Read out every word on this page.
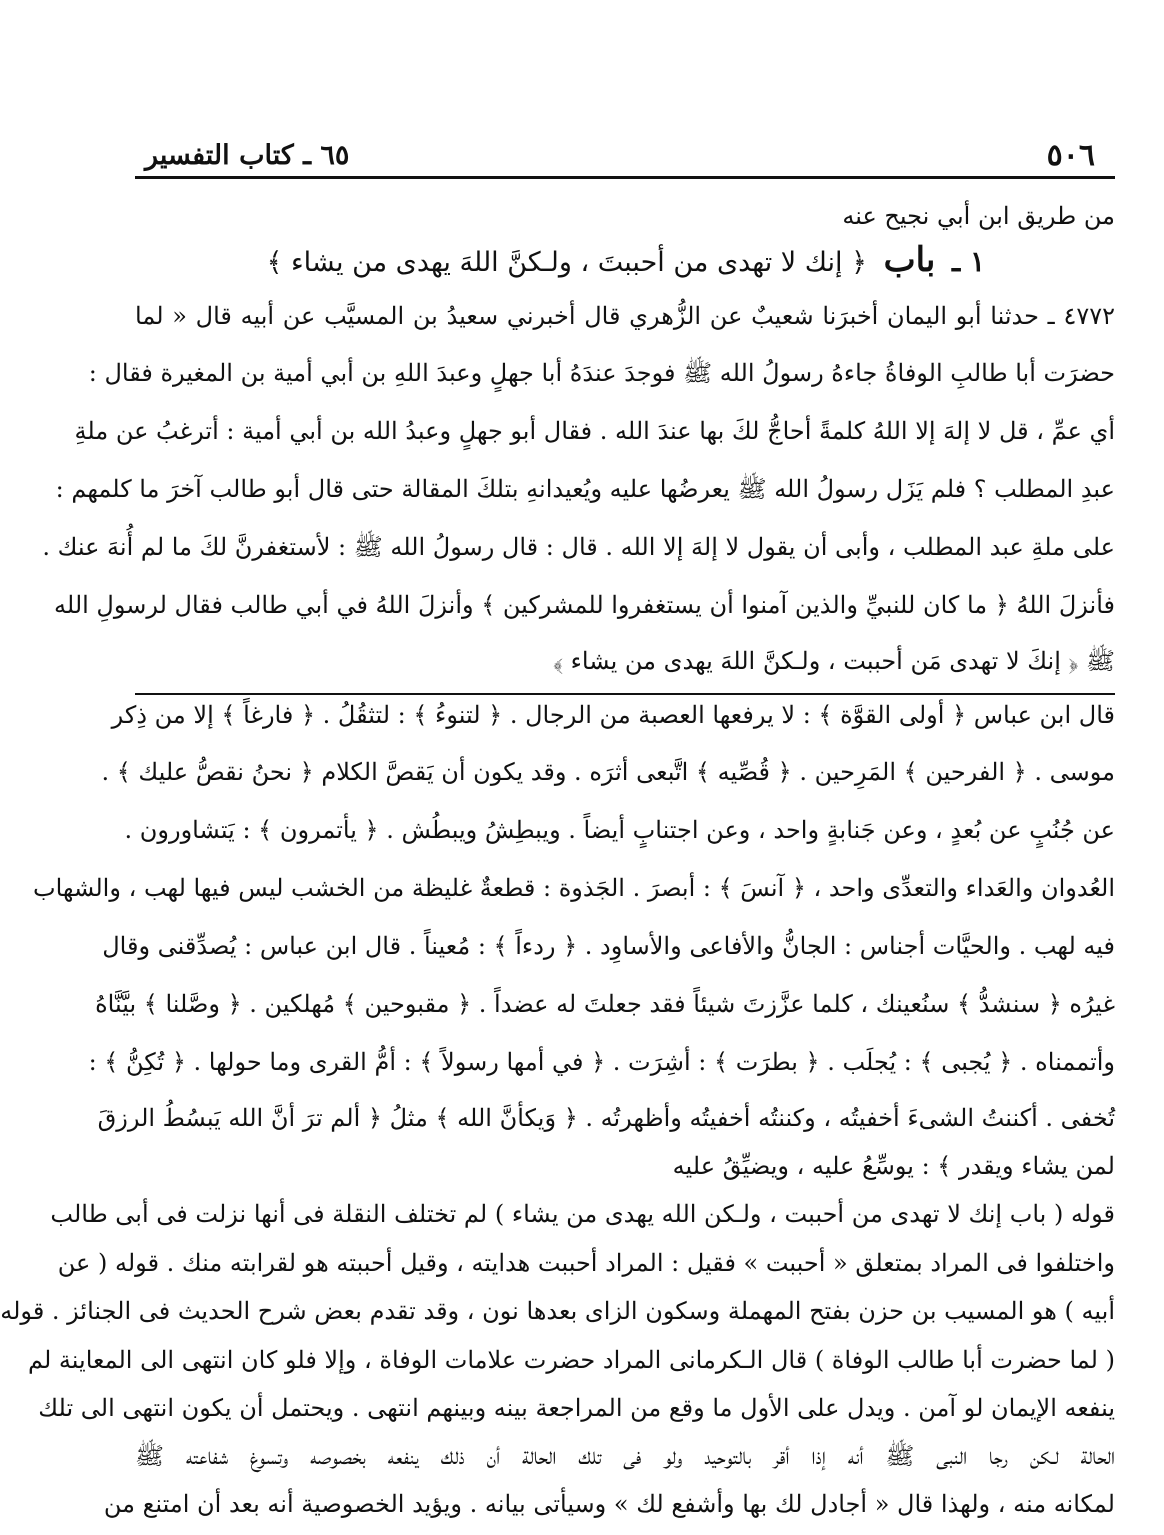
٥٠٦
٦٥ ـ كتاب التفسير
من طريق ابن أبي نجيح عنه
١ ـ باب ﴿ إنك لا تهدى من أحببتَ ، ولـكنَّ اللهَ يهدى من يشاء ﴾
٤٧٧٢ ـ حدثنا أبو اليمان أخبرَنا شعيبٌ عن الزُّهري قال أخبرني سعيدُ بن المسيَّب عن أبيه قال « لما
حضرَت أبا طالبِ الوفاةُ جاءهُ رسولُ الله ﷺ فوجدَ عندَهُ أبا جهلٍ وعبدَ اللهِ بن أبي أمية بن المغيرة فقال :
أي عمِّ ، قل لا إلهَ إلا اللهُ كلمةً أحاجُّ لكَ بها عندَ الله . فقال أبو جهلٍ وعبدُ الله بن أبي أمية : أترغبُ عن ملةِ
عبدِ المطلب ؟ فلم يَزَل رسولُ الله ﷺ يعرضُها عليه ويُعيدانهِ بتلكَ المقالة حتى قال أبو طالب آخرَ ما كلمهم :
على ملةِ عبد المطلب ، وأبى أن يقول لا إلهَ إلا الله . قال : قال رسولُ الله ﷺ : لأستغفرنَّ لكَ ما لم أُنهَ عنك .
فأنزلَ اللهُ ﴿ ما كان للنبيِّ والذين آمنوا أن يستغفروا للمشركين ﴾ وأنزلَ اللهُ في أبي طالب فقال لرسولِ الله
ﷺ ﴿ إنكَ لا تهدى مَن أحببت ، ولـكنَّ اللهَ يهدى من يشاء ﴾
قال ابن عباس ﴿ أولى القوَّة ﴾ : لا يرفعها العصبة من الرجال . ﴿ لتنوءُ ﴾ : لتثقُلُ . ﴿ فارغاً ﴾ إلا من ذِكر
موسى . ﴿ الفرحين ﴾ المَرِحين . ﴿ قُصِّيه ﴾ اتَّبعى أثرَه . وقد يكون أن يَقصَّ الكلام ﴿ نحنُ نقصُّ عليك ﴾ .
عن جُنُبٍ عن بُعدٍ ، وعن جَنابةٍ واحد ، وعن اجتنابٍ أيضاً . ويبطِشُ ويبطُش . ﴿ يأتمرون ﴾ : يَتشاورون .
العُدوان والعَداء والتعدِّى واحد ، ﴿ آنسَ ﴾ : أبصرَ . الجَذوة : قطعةٌ غليظة من الخشب ليس فيها لهب ، والشهاب
فيه لهب . والحيَّات أجناس : الجانُّ والأفاعى والأساوِد . ﴿ ردءاً ﴾ : مُعيناً . قال ابن عباس : يُصدِّقنى وقال
غيرُه ﴿ سنشدُّ ﴾ سنُعينك ، كلما عزَّزتَ شيئاً فقد جعلتَ له عضداً . ﴿ مقبوحين ﴾ مُهلكين . ﴿ وصَّلنا ﴾ بيَّنَّاهُ
وأتممناه . ﴿ يُجبى ﴾ : يُجلَب . ﴿ بطرَت ﴾ : أشِرَت . ﴿ في أمها رسولاً ﴾ : أمُّ القرى وما حولها . ﴿ تُكِنُّ ﴾ :
تُخفى . أكننتُ الشىءَ أخفيتُه ، وكننتُه أخفيتُه وأظهرتُه . ﴿ وَيكأنَّ الله ﴾ مثلُ ﴿ ألم ترَ أنَّ الله يَبسُطُ الرزقَ
لمن يشاء ويقدر ﴾ : يوسِّعُ عليه ، ويضيِّقُ عليه
قوله ( باب إنك لا تهدى من أحببت ، ولـكن الله يهدى من يشاء ) لم تختلف النقلة فى أنها نزلت فى أبى طالب
واختلفوا فى المراد بمتعلق « أحببت » فقيل : المراد أحببت هدايته ، وقيل أحببته هو لقرابته منك . قوله ( عن
أبيه ) هو المسيب بن حزن بفتح المهملة وسكون الزاى بعدها نون ، وقد تقدم بعض شرح الحديث فى الجنائز . قوله
( لما حضرت أبا طالب الوفاة ) قال الـكرمانى المراد حضرت علامات الوفاة ، وإلا فلو كان انتهى الى المعاينة لم
ينفعه الإيمان لو آمن . ويدل على الأول ما وقع من المراجعة بينه وبينهم انتهى . ويحتمل أن يكون انتهى الى تلك
الحالة لـكن رجا النبى ﷺ أنه إذا أقر بالتوحيد ولو فى تلك الحالة أن ذلك ينفعه بخصوصه وتسوغ شفاعته ﷺ
لمكانه منه ، ولهذا قال « أجادل لك بها وأشفع لك » وسيأتى بيانه . ويؤيد الخصوصية أنه بعد أن امتنع من
